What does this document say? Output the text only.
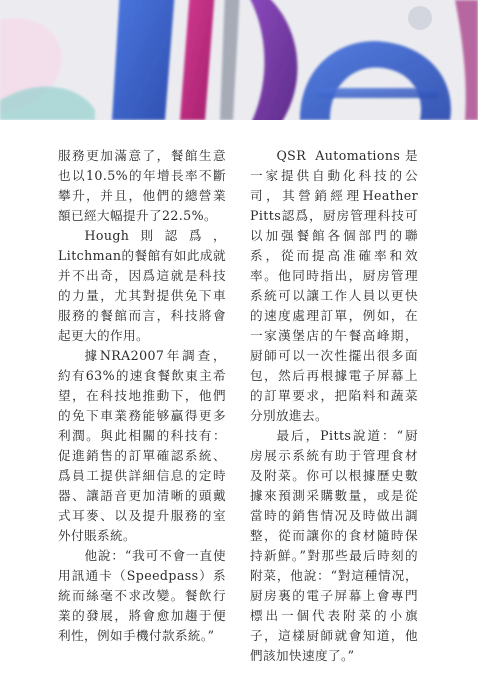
服務更加滿意了，餐館生意也以10.5%的年增長率不斷攀升，并且，他們的總營業額已經大幅提升了22.5%。

Hough則認爲，Litchman的餐館有如此成就并不出奇，因爲這就是科技的力量，尤其對提供免下車服務的餐館而言，科技將會起更大的作用。

據NRA2007年調查，約有63%的速食餐飲東主希望，在科技地推動下，他們的免下車業務能够贏得更多利潤。與此相關的科技有：促進銷售的訂單確認系統、爲員工提供詳細信息的定時器、讓語音更加清晰的頭戴式耳麥、以及提升服務的室外付賬系統。

他說：“我可不會一直使用訊通卡（Speedpass）系統而絲毫不求改變。餐飲行業的發展，將會愈加趨于便利性，例如手機付款系統。”

QSR Automations是一家提供自動化科技的公司，其營銷經理Heather Pitts認爲，厨房管理科技可以加强餐館各個部門的聯系，從而提高准確率和效率。他同時指出，厨房管理系統可以讓工作人員以更快的速度處理訂單，例如，在一家漢堡店的午餐高峰期，厨師可以一次性擺出很多面包，然后再根據電子屏幕上的訂單要求，把陷料和蔬菜分別放進去。

最后，Pitts說道：“厨房展示系統有助于管理食材及附菜。你可以根據歷史數據來預測采購數量，或是從當時的銷售情况及時做出調整，從而讓你的食材隨時保持新鮮。”對那些最后時刻的附菜，他說：“對這種情况，厨房裏的電子屏幕上會專門標出一個代表附菜的小旗子，這樣厨師就會知道，他們該加快速度了。”
